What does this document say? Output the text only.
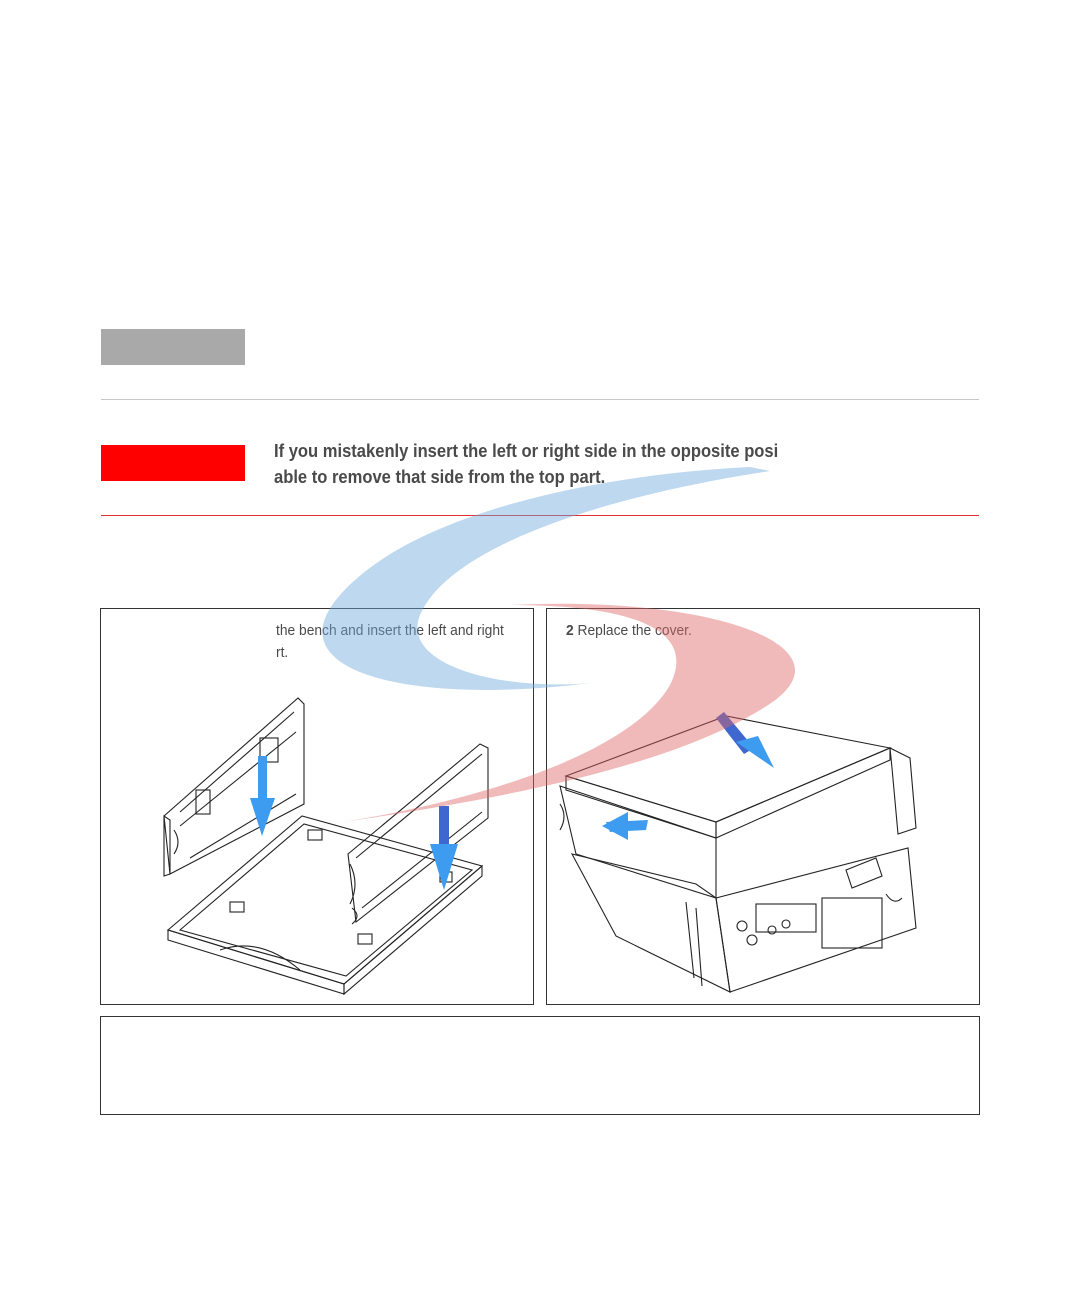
If you mistakenly insert the left or right side in the opposite posi
able to remove that side from the top part.
the bench and insert the left and right
rt.
2 Replace the cover.
